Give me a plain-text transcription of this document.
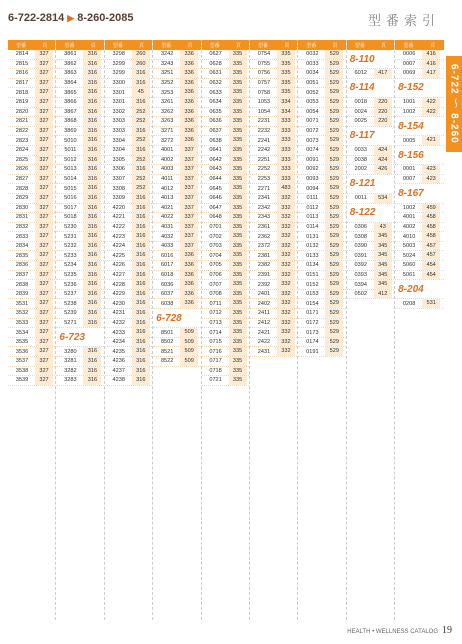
6-722-2814 ▶ 8-260-2085	型番索引
6-722 ～ 8-260
型番	頁
2814	327
2815	327
2816	327
2817	327
2818	327
2819	327
2820	327
2821	327
2822	327
2823	327
2824	327
2825	327
2826	327
2827	327
2828	327
2829	327
2830	327
2831	327
2832	327
2833	327
2834	327
2835	327
2836	327
2837	327
2838	327
2839	327
3531	327
3532	327
3533	327
3534	327
3535	327
3536	327
3537	327
3538	327
3539	327
型番	頁
3861	316
3862	316
3863	316
3864	316
3865	316
3866	316
3867	316
3868	316
3869	316
5010	316
5011	316
5012	316
5013	316
5014	316
5015	316
5016	316
5017	316
5018	316
5230	316
5231	316
5232	316
5233	316
5234	316
5235	316
5236	316
5237	316
5238	316
5239	316
5271	316
6-723
3280	316
3281	316
3282	316
3283	316
型番	頁
3298	260
3299	260
3299	316
3300	316
3301	45
3301	316
3302	252
3303	252
3303	316
3304	252
3304	316
3305	252
3306	316
3307	252
3308	252
3309	316
4220	316
4221	316
4222	316
4223	316
4224	316
4225	316
4226	316
4227	316
4228	316
4229	316
4230	316
4231	316
4232	316
4233	316
4234	316
4235	316
4236	316
4237	316
4238	316
型番	頁
3242	336
3243	336
3251	336
3252	336
3253	336
3261	336
3262	336
3263	336
3271	336
3272	336
4001	337
4002	337
4003	337
4011	337
4012	337
4013	337
4021	337
4022	337
4031	337
4032	337
4033	337
6016	336
6017	336
6018	336
6036	336
6037	336
6038	336
6-728
8501	509
8502	509
8521	509
8522	509
型番	頁
0627	335
0628	335
0631	335
0632	335
0633	335
0634	335
0635	335
0636	335
0637	335
0638	335
0641	335
0642	335
0643	335
0644	335
0645	335
0646	335
0647	335
0648	335
0701	335
0702	335
0703	335
0704	335
0705	335
0706	335
0707	335
0708	335
0711	335
0712	335
0713	335
0714	335
0715	335
0716	335
0717	335
0718	335
0721	335
型番	頁
0754	335
0755	335
0756	335
0757	335
0758	335
1053	334
1054	334
2231	333
2232	333
2241	333
2242	333
2251	333
2252	333
2253	333
2271	483
2341	332
2342	332
2343	332
2361	332
2362	332
2372	332
2381	332
2382	332
2391	332
2392	332
2401	332
2402	332
2411	332
2412	332
2421	332
2422	332
2431	332
型番	頁
0032	529
0033	529
0034	529
0051	529
0052	529
0053	529
0054	529
0071	529
0072	529
0073	529
0074	529
0091	529
0092	529
0093	529
0094	529
0111	529
0112	529
0113	529
0114	529
0131	529
0132	529
0133	529
0134	529
0151	529
0152	529
0153	529
0154	529
0171	529
0172	529
0173	529
0174	529
0191	529
型番	頁
8-110
6012	417
8-114
0018	220
0024	220
0025	220
8-117
0033	424
0038	424
2002	426
8-121
0011	534
8-122
0306	43
0308	345
0390	345
0391	345
0392	345
0393	345
0394	345
0502	412
型番	頁
0006	416
0007	416
0069	417
8-152
1001	422
1002	422
8-154
0005	421
8-156
0001	423
0007	423
8-167
1002	459
4001	458
4002	458
4010	458
5003	457
5024	457
5060	454
5061	454
8-204
0208	531
HEALTH • WELLNESS CATALOG 19
